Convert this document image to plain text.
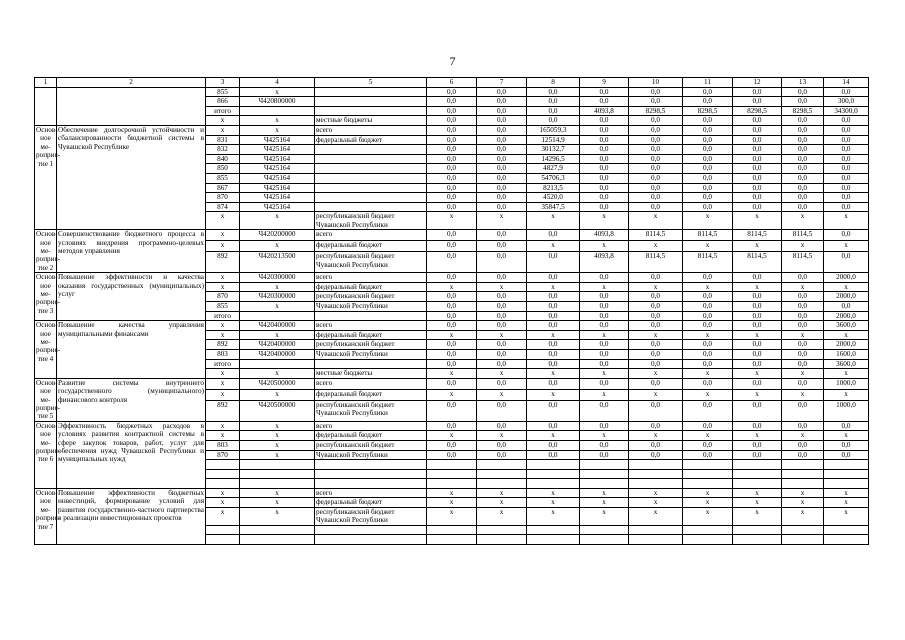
7
1	2	3	4	5	6	7	8	9	10	11	12	13	14
		855	x		0,0	0,0	0,0	0,0	0,0	0,0	0,0	0,0	0,0
		866	Ч420800000		0,0	0,0	0,0	0,0	0,0	0,0	0,0	0,0	300,0
		итого			0,0	0,0	0,0	4093,8	8298,5	8298,5	8298,5	8298,5	34300,0
		x	x	местные бюджеты	0,0	0,0	0,0	0,0	0,0	0,0	0,0	0,0	0,0
Основ-ное ме-роприя-тие 1	Обеспечение долгосрочной устойчивости и сбалансированности бюджетной системы в Чувашской Республике	x	x	всего	0,0	0,0	165059,3	0,0	0,0	0,0	0,0	0,0	0,0
		831	Ч425164	федеральный бюджет	0,0	0,0	12514,9	0,0	0,0	0,0	0,0	0,0	0,0
		832	Ч425164		0,0	0,0	30132,7	0,0	0,0	0,0	0,0	0,0	0,0
		840	Ч425164		0,0	0,0	14296,5	0,0	0,0	0,0	0,0	0,0	0,0
		850	Ч425164		0,0	0,0	4827,9	0,0	0,0	0,0	0,0	0,0	0,0
		855	Ч425164		0,0	0,0	54706,3	0,0	0,0	0,0	0,0	0,0	0,0
		867	Ч425164		0,0	0,0	8213,5	0,0	0,0	0,0	0,0	0,0	0,0
		870	Ч425164		0,0	0,0	4520,0	0,0	0,0	0,0	0,0	0,0	0,0
		874	Ч425164		0,0	0,0	35847,5	0,0	0,0	0,0	0,0	0,0	0,0
		x	x	республиканский бюджет Чувашской Республики	x	x	x	x	x	x	x	x	x
Основ-ное ме-роприя-тие 2	Совершенствование бюджетного процесса в условиях внедрения программно-целевых методов управления	x	Ч420200000	всего	0,0	0,0	0,0	4093,8	8114,5	8114,5	8114,5	8114,5	0,0
		x	x	федеральный бюджет	0,0	0,0	x	x	x	x	x	x	x
		892	Ч420213500	республиканский бюджет Чувашской Республики	0,0	0,0	0,0	4093,8	8114,5	8114,5	8114,5	8114,5	0,0
Основ-ное ме-роприя-тие 3	Повышение эффективности и качества оказания государственных (муниципальных) услуг	x	Ч420300000	всего	0,0	0,0	0,0	0,0	0,0	0,0	0,0	0,0	2000,0
		x	x	федеральный бюджет	x	x	x	x	x	x	x	x	x
		870	Ч420300000	республиканский бюджет	0,0	0,0	0,0	0,0	0,0	0,0	0,0	0,0	2000,0
		855	x	Чувашской Республики	0,0	0,0	0,0	0,0	0,0	0,0	0,0	0,0	0,0
		итого			0,0	0,0	0,0	0,0	0,0	0,0	0,0	0,0	2000,0
Основ-ное ме-роприя-тие 4	Повышение качества управления муниципальными финансами	x	Ч420400000	всего	0,0	0,0	0,0	0,0	0,0	0,0	0,0	0,0	3600,0
		x	x	федеральный бюджет	x	x	x	x	x	x	x	x	x
		892	Ч420400000	республиканский бюджет	0,0	0,0	0,0	0,0	0,0	0,0	0,0	0,0	2000,0
		803	Ч420400000	Чувашской Республики	0,0	0,0	0,0	0,0	0,0	0,0	0,0	0,0	1600,0
		итого			0,0	0,0	0,0	0,0	0,0	0,0	0,0	0,0	3600,0
		x	x	местные бюджеты	x	x	x	x	x	x	x	x	x
Основ-ное ме-роприя-тие 5	Развитие системы внутреннего государственного (муниципального) финансового контроля	x	Ч420500000	всего	0,0	0,0	0,0	0,0	0,0	0,0	0,0	0,0	1000,0
		x	x	федеральный бюджет	x	x	x	x	x	x	x	x	x
		892	Ч420500000	республиканский бюджет Чувашской Республики	0,0	0,0	0,0	0,0	0,0	0,0	0,0	0,0	1000,0
Основ-ное ме-роприя-тие 6	Эффективность бюджетных расходов в условиях развития контрактной системы в сфере закупок товаров, работ, услуг для обеспечения нужд Чувашской Республики и муниципальных нужд	x	x	всего	0,0	0,0	0,0	0,0	0,0	0,0	0,0	0,0	0,0
		x	x	федеральный бюджет	x	x	x	x	x	x	x	x	x
		803	x	республиканский бюджет	0,0	0,0	0,0	0,0	0,0	0,0	0,0	0,0	0,0
		870	x	Чувашской Республики	0,0	0,0	0,0	0,0	0,0	0,0	0,0	0,0	0,0

Основ-ное ме-роприя-тие 7	Повышение эффективности бюджетных инвестиций, формирование условий для развития государственно-частного партнерства в реализации инвестиционных проектов	x	x	всего	x	x	x	x	x	x	x	x	x
		x	x	федеральный бюджет	x	x	x	x	x	x	x	x	x
		x	x	республиканский бюджет Чувашской Республики	x	x	x	x	x	x	x	x	x
